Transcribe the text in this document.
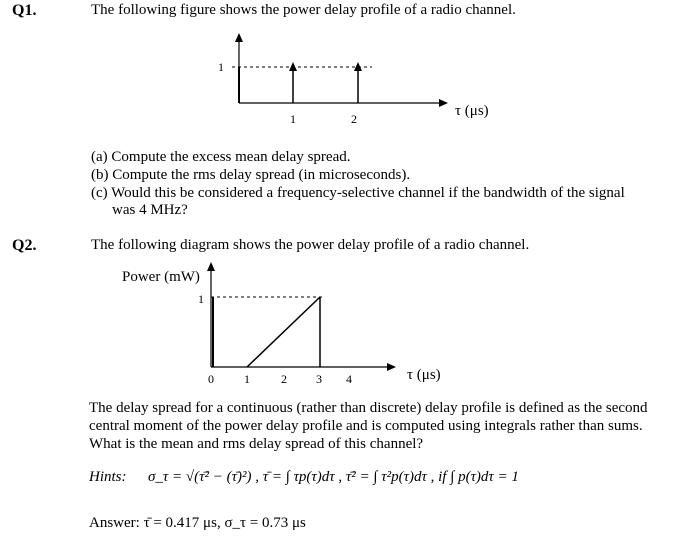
Q1.	The following figure shows the power delay profile of a radio channel.
1
1	2	τ (μs)
(a) Compute the excess mean delay spread.
(b) Compute the rms delay spread (in microseconds).
(c) Would this be considered a frequency-selective channel if the bandwidth of the signal
was 4 MHz?
Q2.	The following diagram shows the power delay profile of a radio channel.
Power (mW)
1
0	1	2 3 4	τ (μs)
The delay spread for a continuous (rather than discrete) delay profile is defined as the second
central moment of the power delay profile and is computed using integrals rather than sums.
What is the mean and rms delay spread of this channel?
Hints: σ_τ = √(τ̄² − (τ̄)²) , τ̄ = ∫ τp(τ)dτ , τ̄² = ∫ τ²p(τ)dτ , if ∫ p(τ)dτ = 1
Answer: τ̄ = 0.417 μs, σ_τ = 0.73 μs
